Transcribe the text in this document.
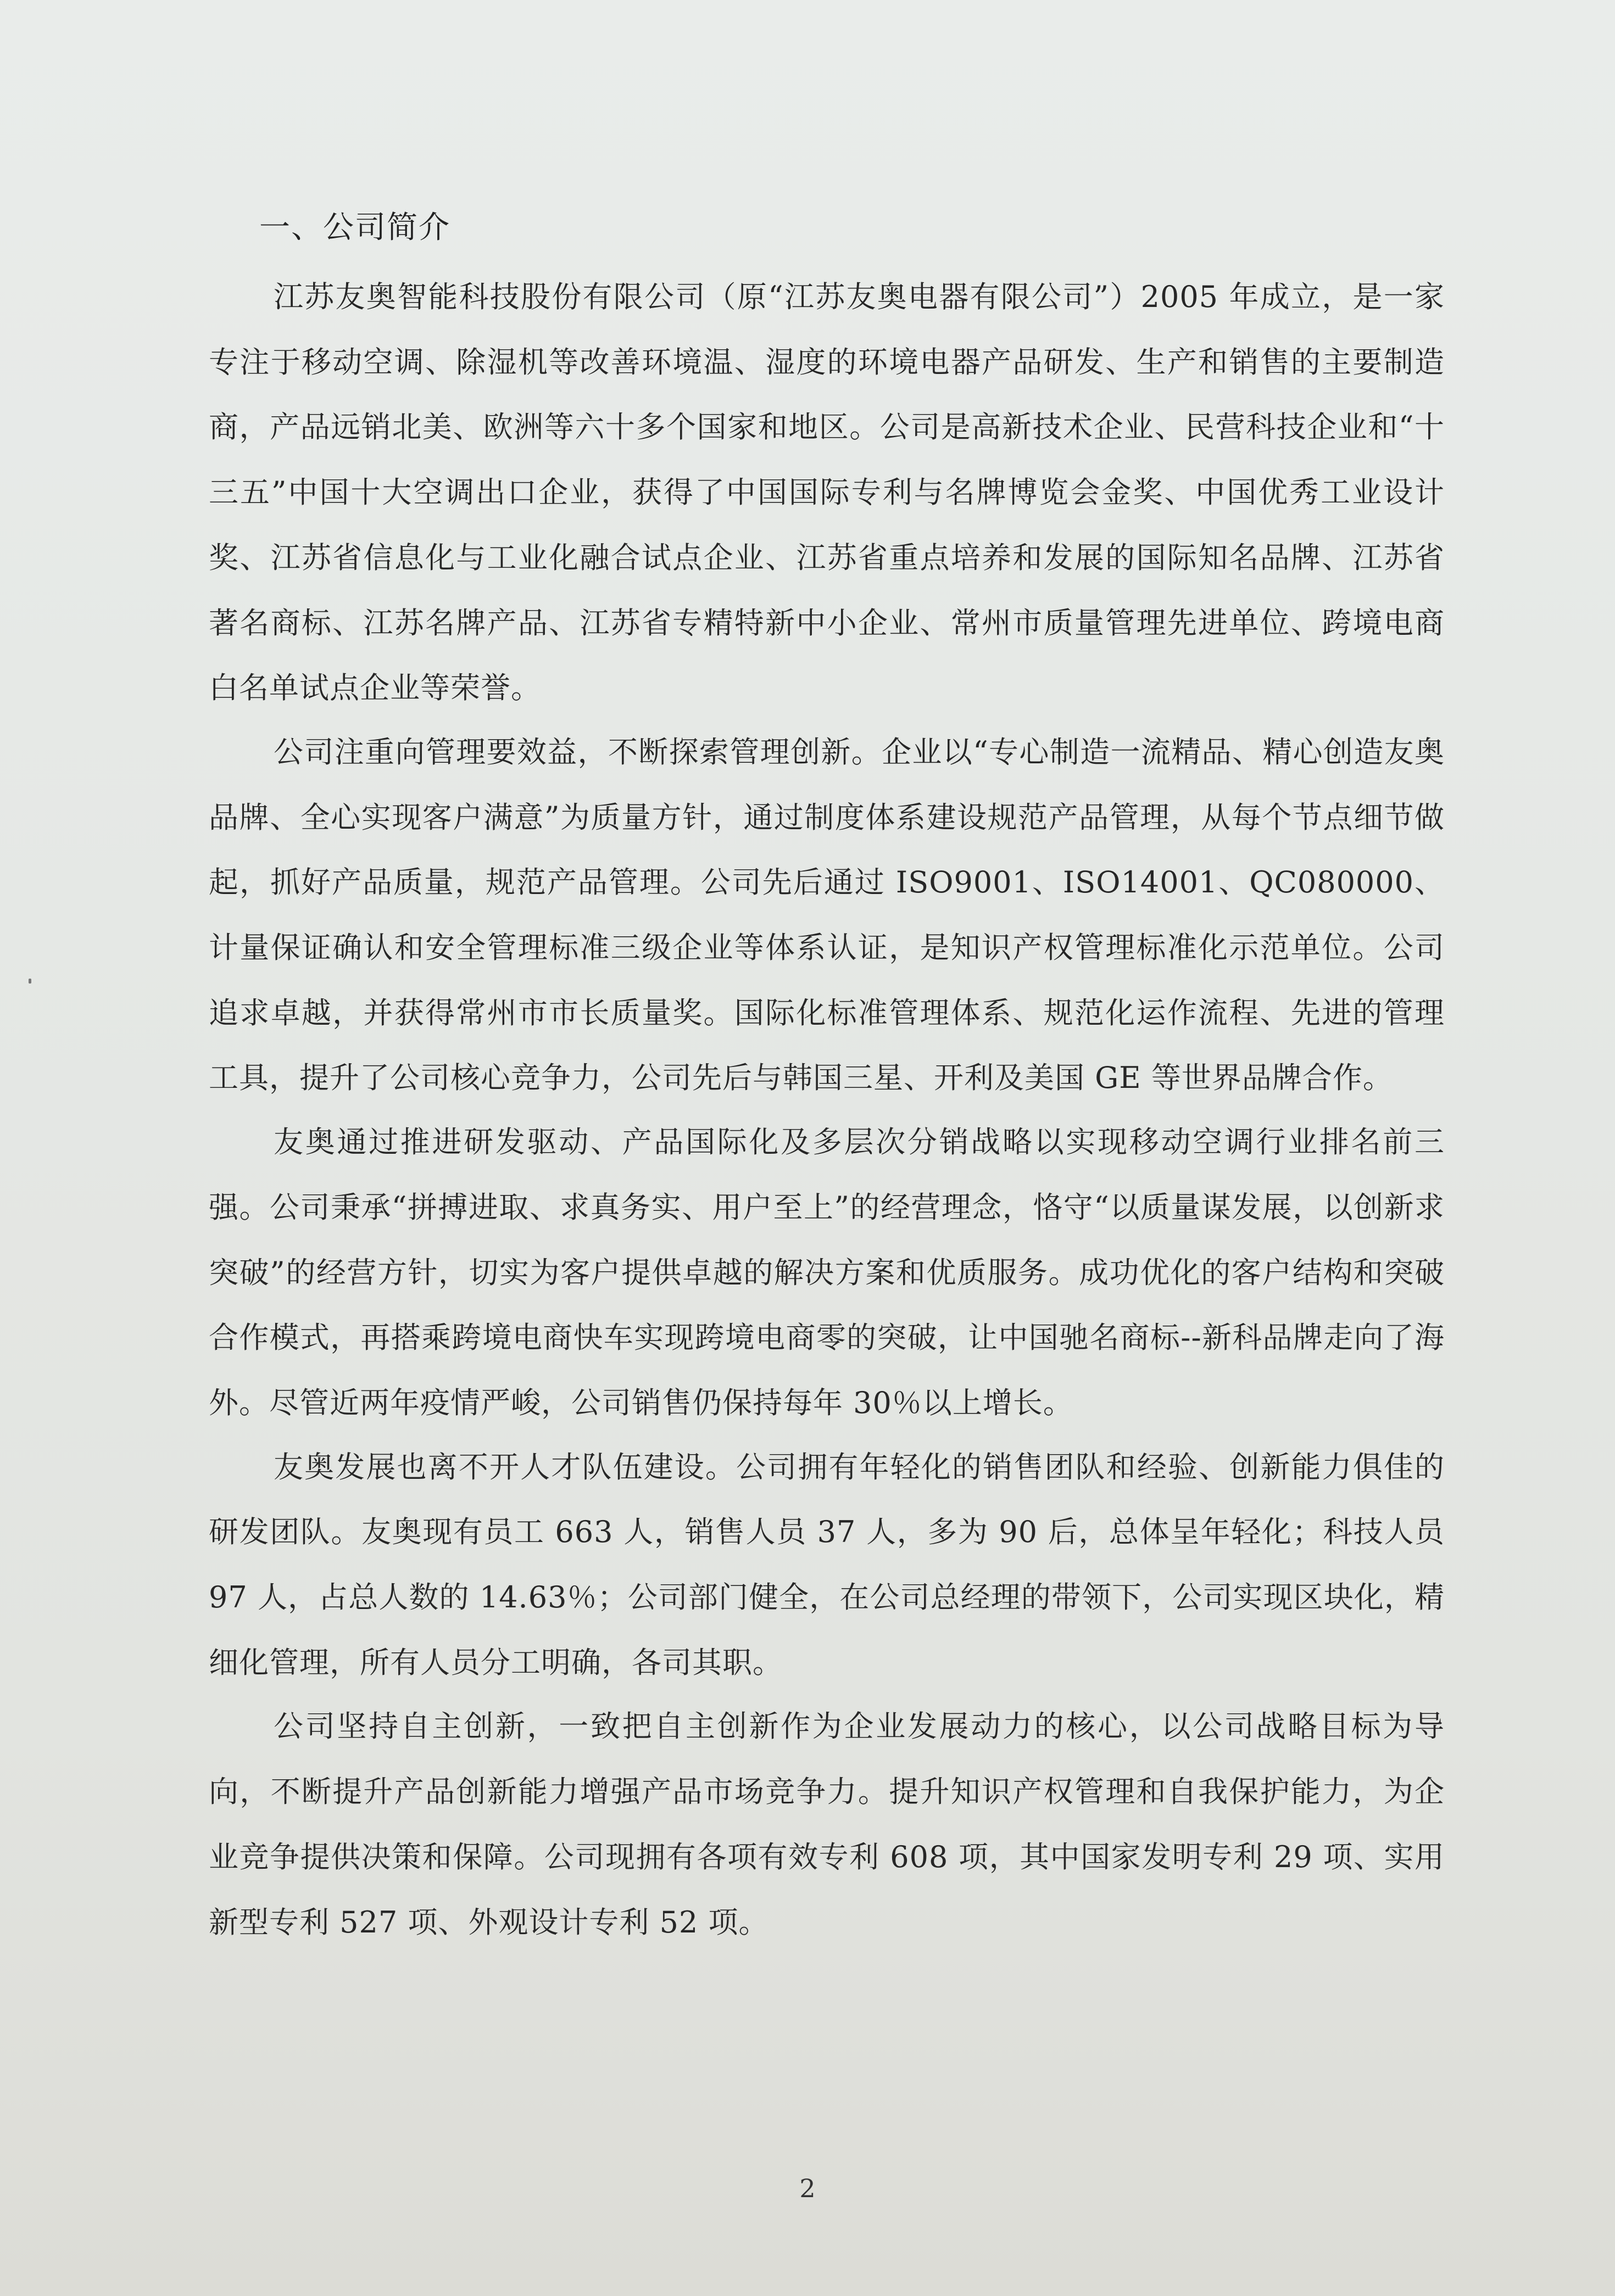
一、公司简介

江苏友奥智能科技股份有限公司（原“江苏友奥电器有限公司”）2005 年成立，是一家专注于移动空调、除湿机等改善环境温、湿度的环境电器产品研发、生产和销售的主要制造商，产品远销北美、欧洲等六十多个国家和地区。公司是高新技术企业、民营科技企业和“十三五”中国十大空调出口企业，获得了中国国际专利与名牌博览会金奖、中国优秀工业设计奖、江苏省信息化与工业化融合试点企业、江苏省重点培养和发展的国际知名品牌、江苏省著名商标、江苏名牌产品、江苏省专精特新中小企业、常州市质量管理先进单位、跨境电商白名单试点企业等荣誉。

公司注重向管理要效益，不断探索管理创新。企业以“专心制造一流精品、精心创造友奥品牌、全心实现客户满意”为质量方针，通过制度体系建设规范产品管理，从每个节点细节做起，抓好产品质量，规范产品管理。公司先后通过 ISO9001、ISO14001、QC080000、计量保证确认和安全管理标准三级企业等体系认证，是知识产权管理标准化示范单位。公司追求卓越，并获得常州市市长质量奖。国际化标准管理体系、规范化运作流程、先进的管理工具，提升了公司核心竞争力，公司先后与韩国三星、开利及美国 GE 等世界品牌合作。

友奥通过推进研发驱动、产品国际化及多层次分销战略以实现移动空调行业排名前三强。公司秉承“拼搏进取、求真务实、用户至上”的经营理念，恪守“以质量谋发展，以创新求突破”的经营方针，切实为客户提供卓越的解决方案和优质服务。成功优化的客户结构和突破合作模式，再搭乘跨境电商快车实现跨境电商零的突破，让中国驰名商标--新科品牌走向了海外。尽管近两年疫情严峻，公司销售仍保持每年 30％以上增长。

友奥发展也离不开人才队伍建设。公司拥有年轻化的销售团队和经验、创新能力俱佳的研发团队。友奥现有员工 663 人，销售人员 37 人，多为 90 后，总体呈年轻化；科技人员 97 人，占总人数的 14.63％；公司部门健全，在公司总经理的带领下，公司实现区块化，精细化管理，所有人员分工明确，各司其职。

公司坚持自主创新，一致把自主创新作为企业发展动力的核心，以公司战略目标为导向，不断提升产品创新能力增强产品市场竞争力。提升知识产权管理和自我保护能力，为企业竞争提供决策和保障。公司现拥有各项有效专利 608 项，其中国家发明专利 29 项、实用新型专利 527 项、外观设计专利 52 项。

2
